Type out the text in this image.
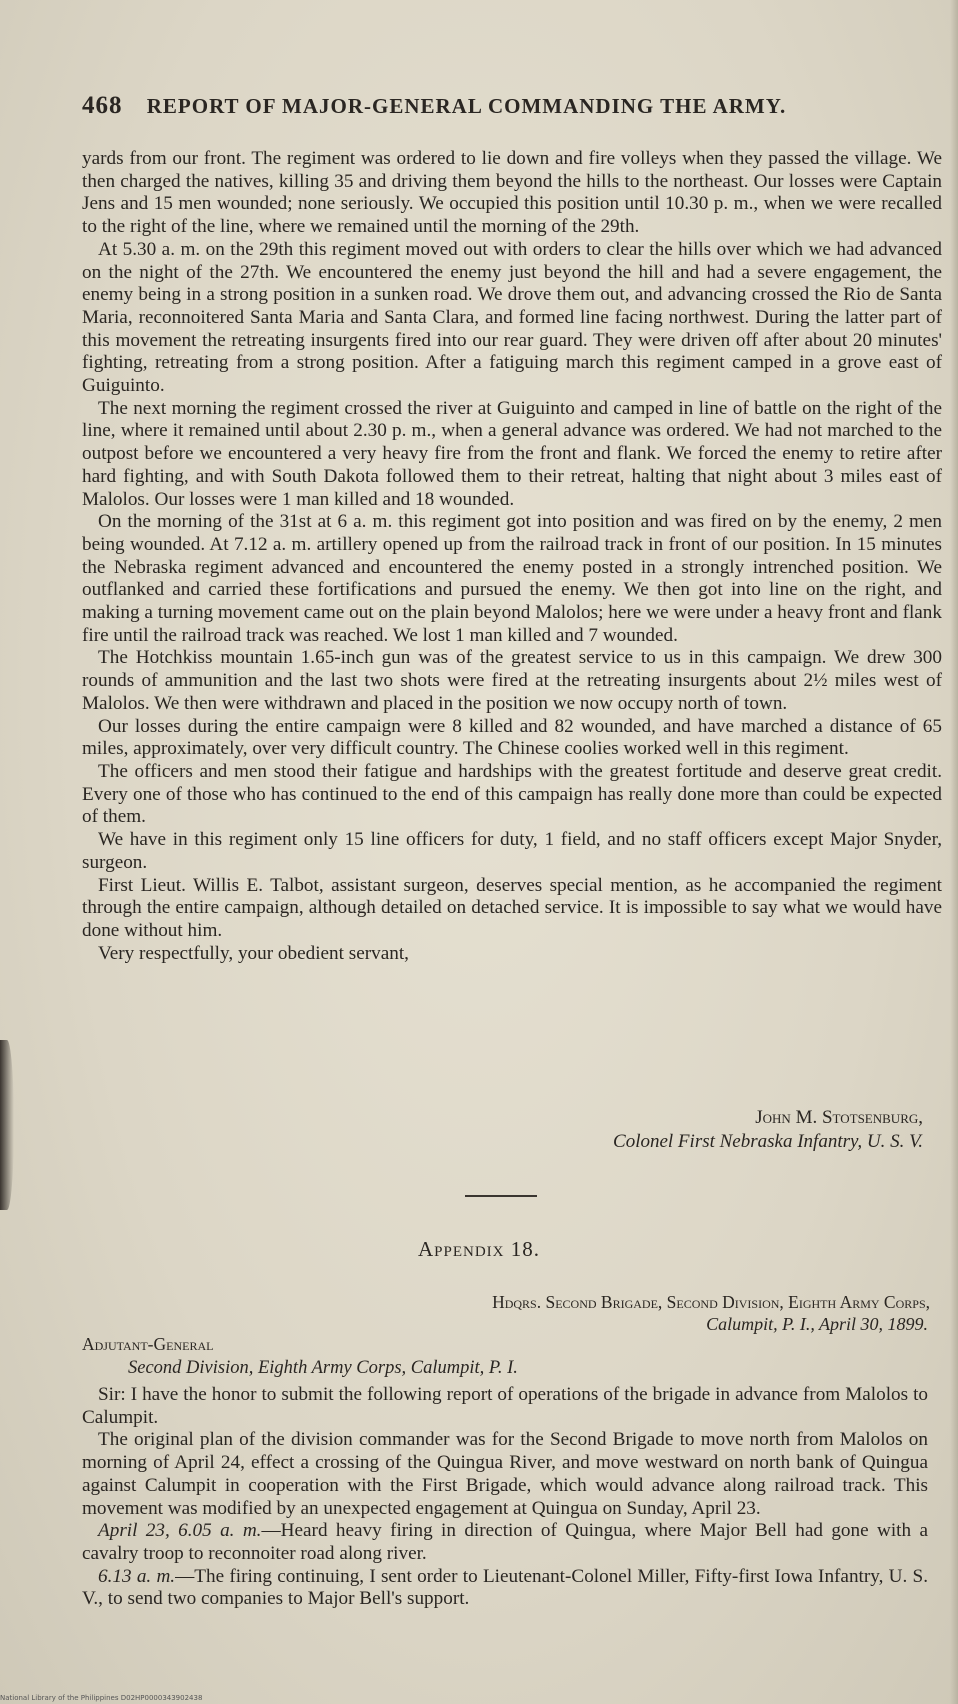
468 REPORT OF MAJOR-GENERAL COMMANDING THE ARMY.

yards from our front. The regiment was ordered to lie down and fire volleys when they passed the village. We then charged the natives, killing 35 and driving them beyond the hills to the northeast. Our losses were Captain Jens and 15 men wounded; none seriously. We occupied this position until 10.30 p. m., when we were recalled to the right of the line, where we remained until the morning of the 29th.

At 5.30 a. m. on the 29th this regiment moved out with orders to clear the hills over which we had advanced on the night of the 27th. We encountered the enemy just beyond the hill and had a severe engagement, the enemy being in a strong position in a sunken road. We drove them out, and advancing crossed the Rio de Santa Maria, reconnoitered Santa Maria and Santa Clara, and formed line facing northwest. During the latter part of this movement the retreating insurgents fired into our rear guard. They were driven off after about 20 minutes' fighting, retreating from a strong position. After a fatiguing march this regiment camped in a grove east of Guiguinto.

The next morning the regiment crossed the river at Guiguinto and camped in line of battle on the right of the line, where it remained until about 2.30 p. m., when a general advance was ordered. We had not marched to the outpost before we encountered a very heavy fire from the front and flank. We forced the enemy to retire after hard fighting, and with South Dakota followed them to their retreat, halting that night about 3 miles east of Malolos. Our losses were 1 man killed and 18 wounded.

On the morning of the 31st at 6 a. m. this regiment got into position and was fired on by the enemy, 2 men being wounded. At 7.12 a. m. artillery opened up from the railroad track in front of our position. In 15 minutes the Nebraska regiment advanced and encountered the enemy posted in a strongly intrenched position. We outflanked and carried these fortifications and pursued the enemy. We then got into line on the right, and making a turning movement came out on the plain beyond Malolos; here we were under a heavy front and flank fire until the railroad track was reached. We lost 1 man killed and 7 wounded.

The Hotchkiss mountain 1.65-inch gun was of the greatest service to us in this campaign. We drew 300 rounds of ammunition and the last two shots were fired at the retreating insurgents about 2½ miles west of Malolos. We then were withdrawn and placed in the position we now occupy north of town.

Our losses during the entire campaign were 8 killed and 82 wounded, and have marched a distance of 65 miles, approximately, over very difficult country. The Chinese coolies worked well in this regiment.

The officers and men stood their fatigue and hardships with the greatest fortitude and deserve great credit. Every one of those who has continued to the end of this campaign has really done more than could be expected of them.

We have in this regiment only 15 line officers for duty, 1 field, and no staff officers except Major Snyder, surgeon.

First Lieut. Willis E. Talbot, assistant surgeon, deserves special mention, as he accompanied the regiment through the entire campaign, although detailed on detached service. It is impossible to say what we would have done without him.

Very respectfully, your obedient servant,

John M. Stotsenburg,
Colonel First Nebraska Infantry, U. S. V.
Appendix 18.
Hdqrs. Second Brigade, Second Division, Eighth Army Corps,
Calumpit, P. I., April 30, 1899.
Adjutant-General
Second Division, Eighth Army Corps, Calumpit, P. I.

Sir: I have the honor to submit the following report of operations of the brigade in advance from Malolos to Calumpit.

The original plan of the division commander was for the Second Brigade to move north from Malolos on morning of April 24, effect a crossing of the Quingua River, and move westward on north bank of Quingua against Calumpit in cooperation with the First Brigade, which would advance along railroad track. This movement was modified by an unexpected engagement at Quingua on Sunday, April 23.

April 23, 6.05 a. m.—Heard heavy firing in direction of Quingua, where Major Bell had gone with a cavalry troop to reconnoiter road along river.

6.13 a. m.—The firing continuing, I sent order to Lieutenant-Colonel Miller, Fifty-first Iowa Infantry, U. S. V., to send two companies to Major Bell's support.

National Library of the Philippines D02HP0000343902438
